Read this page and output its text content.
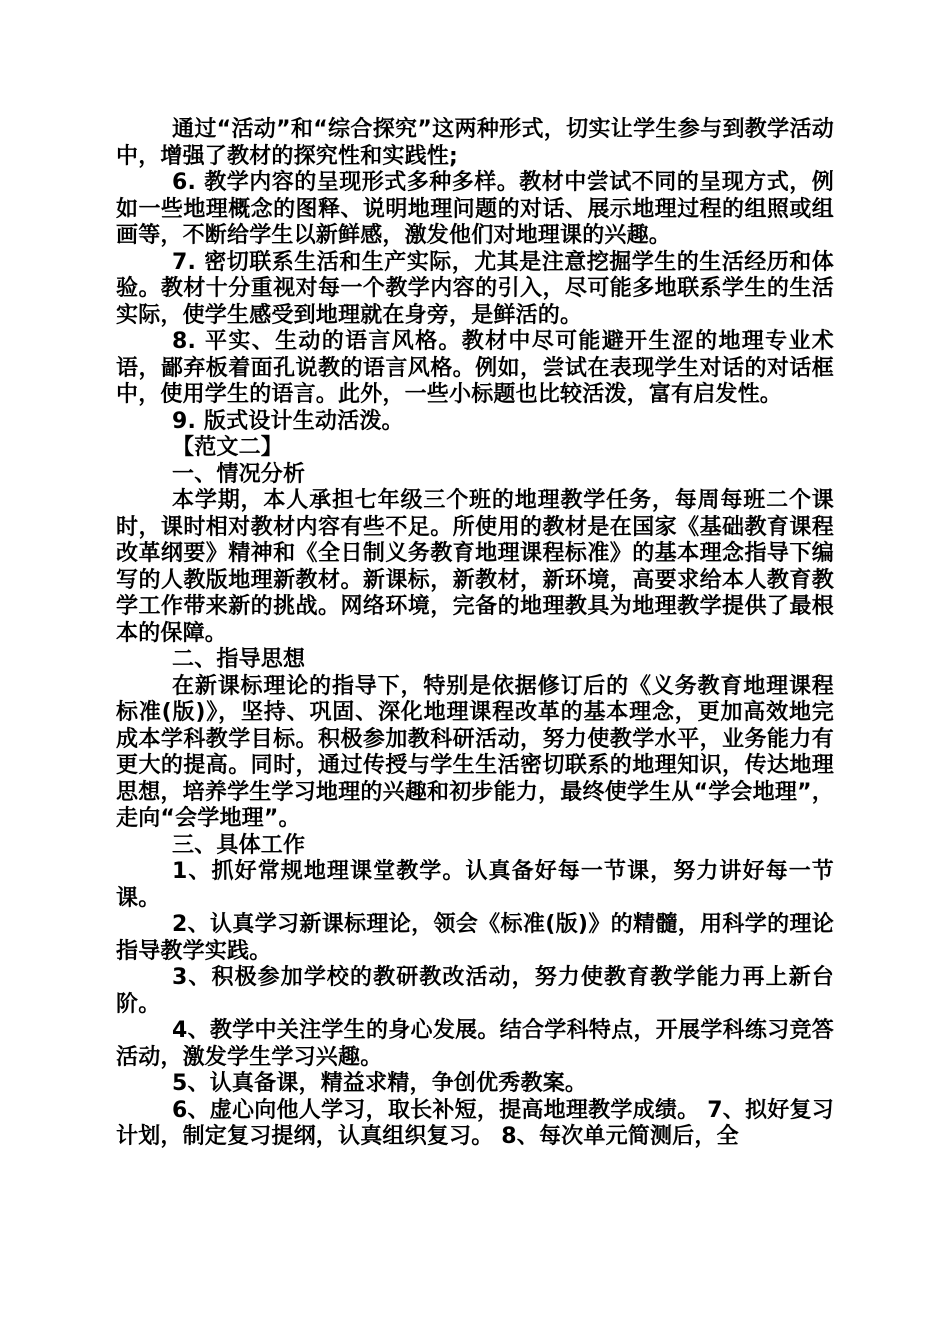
通过“活动”和“综合探究”这两种形式，切实让学生参与到教学活动中，增强了教材的探究性和实践性;

6. 教学内容的呈现形式多种多样。教材中尝试不同的呈现方式，例如一些地理概念的图释、说明地理问题的对话、展示地理过程的组照或组画等，不断给学生以新鲜感，激发他们对地理课的兴趣。

7. 密切联系生活和生产实际，尤其是注意挖掘学生的生活经历和体验。教材十分重视对每一个教学内容的引入，尽可能多地联系学生的生活实际，使学生感受到地理就在身旁，是鲜活的。

8. 平实、生动的语言风格。教材中尽可能避开生涩的地理专业术语，鄙弃板着面孔说教的语言风格。例如，尝试在表现学生对话的对话框中，使用学生的语言。此外，一些小标题也比较活泼，富有启发性。

9. 版式设计生动活泼。

【范文二】

一、情况分析

本学期，本人承担七年级三个班的地理教学任务，每周每班二个课时，课时相对教材内容有些不足。所使用的教材是在国家《基础教育课程改革纲要》精神和《全日制义务教育地理课程标准》的基本理念指导下编写的人教版地理新教材。新课标，新教材，新环境，高要求给本人教育教学工作带来新的挑战。网络环境，完备的地理教具为地理教学提供了最根本的保障。

二、指导思想

在新课标理论的指导下，特别是依据修订后的《义务教育地理课程标准(版)》，坚持、巩固、深化地理课程改革的基本理念，更加高效地完成本学科教学目标。积极参加教科研活动，努力使教学水平，业务能力有更大的提高。同时，通过传授与学生生活密切联系的地理知识，传达地理思想，培养学生学习地理的兴趣和初步能力，最终使学生从“学会地理”，走向“会学地理”。

三、具体工作

1、抓好常规地理课堂教学。认真备好每一节课，努力讲好每一节课。

2、认真学习新课标理论，领会《标准(版)》的精髓，用科学的理论指导教学实践。

3、积极参加学校的教研教改活动，努力使教育教学能力再上新台阶。

4、教学中关注学生的身心发展。结合学科特点，开展学科练习竞答活动，激发学生学习兴趣。

5、认真备课，精益求精，争创优秀教案。

6、虚心向他人学习，取长补短，提高地理教学成绩。 7、拟好复习计划，制定复习提纲，认真组织复习。 8、每次单元简测后，全
